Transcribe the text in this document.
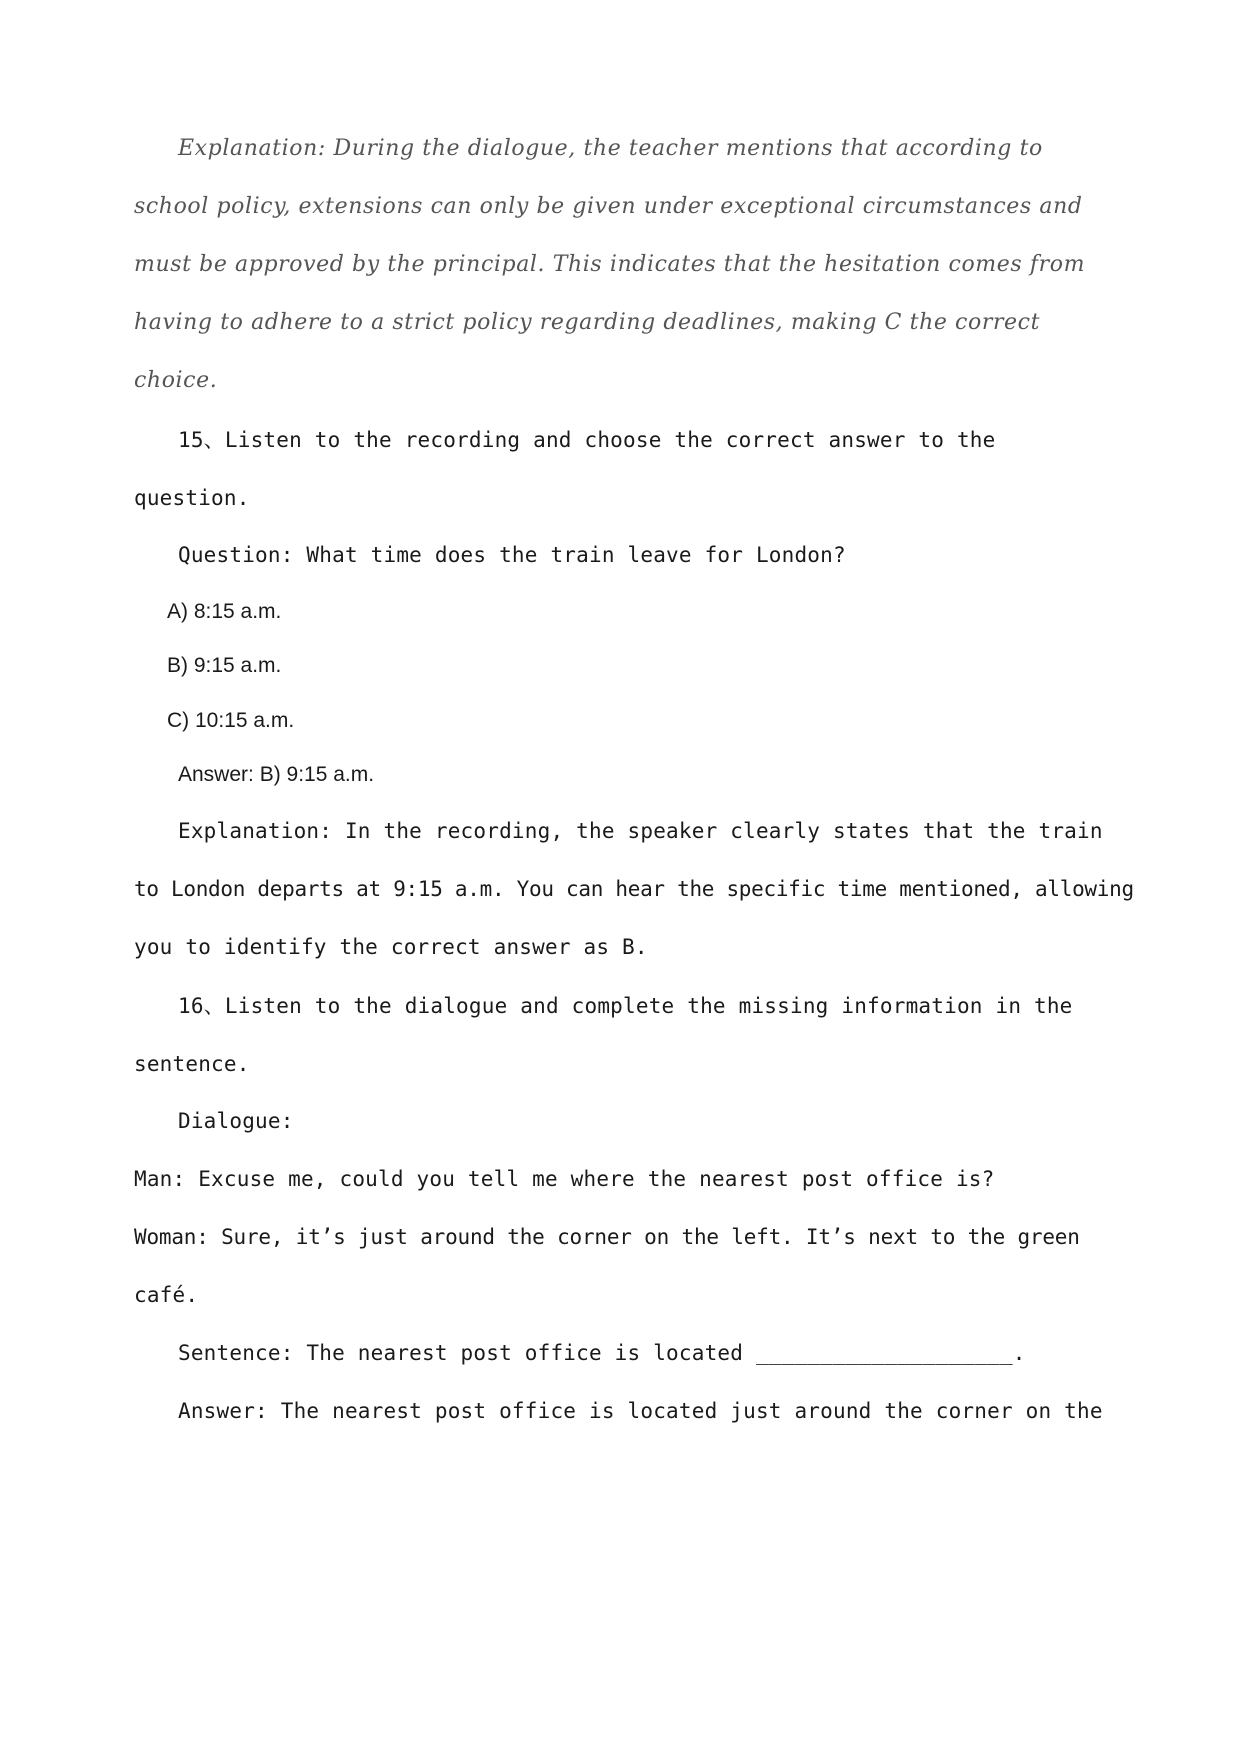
Explanation: During the dialogue, the teacher mentions that according to
school policy, extensions can only be given under exceptional circumstances and
must be approved by the principal. This indicates that the hesitation comes from
having to adhere to a strict policy regarding deadlines, making C the correct
choice.
15、Listen to the recording and choose the correct answer to the
question.
Question: What time does the train leave for London?
A) 8:15 a.m.
B) 9:15 a.m.
C) 10:15 a.m.
Answer: B) 9:15 a.m.
Explanation: In the recording, the speaker clearly states that the train
to London departs at 9:15 a.m. You can hear the specific time mentioned, allowing
you to identify the correct answer as B.
16、Listen to the dialogue and complete the missing information in the
sentence.
Dialogue:
Man: Excuse me, could you tell me where the nearest post office is?
Woman: Sure, it’s just around the corner on the left. It’s next to the green
café.
Sentence: The nearest post office is located ____________________.
Answer: The nearest post office is located just around the corner on the
